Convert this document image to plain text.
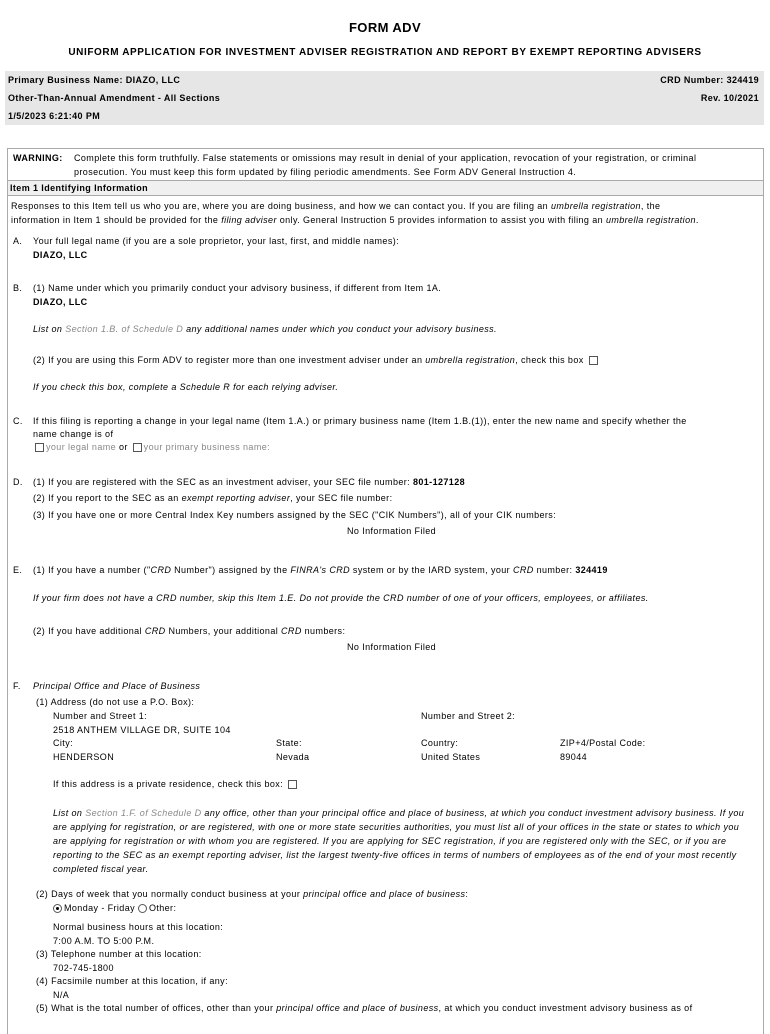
FORM ADV
UNIFORM APPLICATION FOR INVESTMENT ADVISER REGISTRATION AND REPORT BY EXEMPT REPORTING ADVISERS
Primary Business Name: DIAZO, LLC	CRD Number: 324419
Other-Than-Annual Amendment - All Sections	Rev. 10/2021
1/5/2023 6:21:40 PM
WARNING: Complete this form truthfully. False statements or omissions may result in denial of your application, revocation of your registration, or criminal
prosecution. You must keep this form updated by filing periodic amendments. See Form ADV General Instruction 4.
Item 1 Identifying Information
Responses to this Item tell us who you are, where you are doing business, and how we can contact you. If you are filing an umbrella registration, the
information in Item 1 should be provided for the filing adviser only. General Instruction 5 provides information to assist you with filing an umbrella registration.
A. Your full legal name (if you are a sole proprietor, your last, first, and middle names):
DIAZO, LLC
B. (1) Name under which you primarily conduct your advisory business, if different from Item 1A.
DIAZO, LLC
List on Section 1.B. of Schedule D any additional names under which you conduct your advisory business.
(2) If you are using this Form ADV to register more than one investment adviser under an umbrella registration, check this box
If you check this box, complete a Schedule R for each relying adviser.
C. If this filing is reporting a change in your legal name (Item 1.A.) or primary business name (Item 1.B.(1)), enter the new name and specify whether the
name change is of
your legal name or your primary business name:
D. (1) If you are registered with the SEC as an investment adviser, your SEC file number: 801-127128
(2) If you report to the SEC as an exempt reporting adviser, your SEC file number:
(3) If you have one or more Central Index Key numbers assigned by the SEC ("CIK Numbers"), all of your CIK numbers:
No Information Filed
E. (1) If you have a number ("CRD Number") assigned by the FINRA's CRD system or by the IARD system, your CRD number: 324419
If your firm does not have a CRD number, skip this Item 1.E. Do not provide the CRD number of one of your officers, employees, or affiliates.
(2) If you have additional CRD Numbers, your additional CRD numbers:
No Information Filed
F. Principal Office and Place of Business
(1) Address (do not use a P.O. Box):
Number and Street 1:	Number and Street 2:
2518 ANTHEM VILLAGE DR, SUITE 104
City:	State:	Country:	ZIP+4/Postal Code:
HENDERSON	Nevada	United States	89044
If this address is a private residence, check this box:
List on Section 1.F. of Schedule D any office, other than your principal office and place of business, at which you conduct investment advisory business. If you are applying for registration, or are registered, with one or more state securities authorities, you must list all of your offices in the state or states to which you are applying for registration or with whom you are registered. If you are applying for SEC registration, if you are registered only with the SEC, or if you are reporting to the SEC as an exempt reporting adviser, list the largest twenty-five offices in terms of numbers of employees as of the end of your most recently completed fiscal year.
(2) Days of week that you normally conduct business at your principal office and place of business:
Monday - Friday Other:
Normal business hours at this location:
7:00 A.M. TO 5:00 P.M.
(3) Telephone number at this location:
702-745-1800
(4) Facsimile number at this location, if any:
N/A
(5) What is the total number of offices, other than your principal office and place of business, at which you conduct investment advisory business as of
